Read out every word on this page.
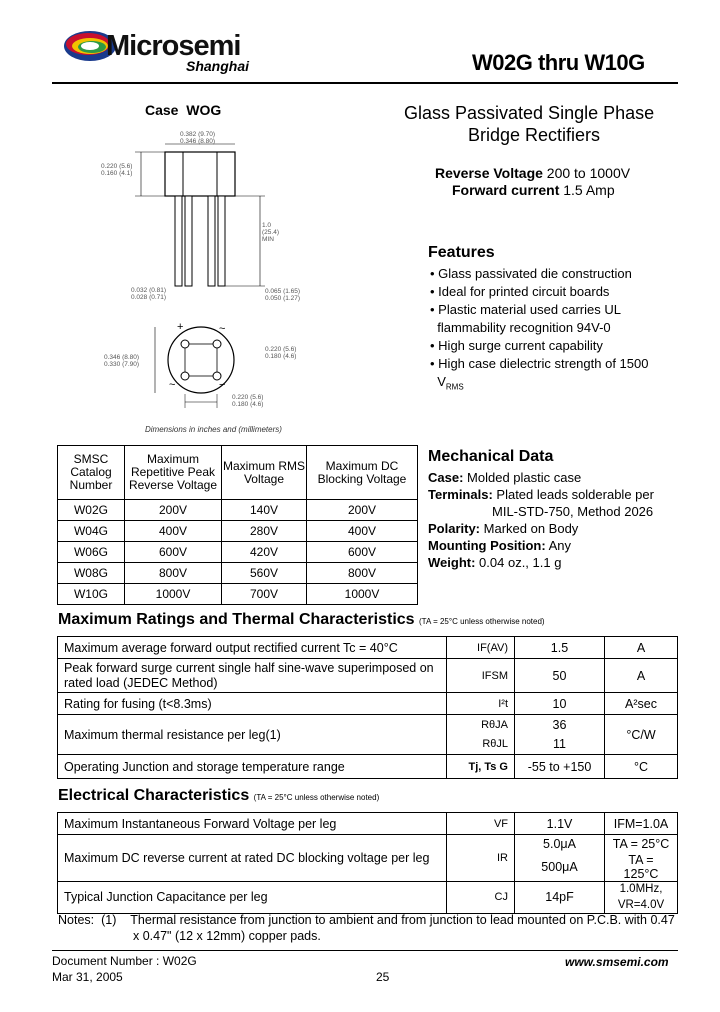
Microsemi
Shanghai	W02G thru W10G
Case  WOG
+	~
~	−
0.382 (9.70)
0.346 (8.80)
0.220 (5.6)
0.160 (4.1)
1.0
(25.4)
MIN
0.032 (0.81)
0.028 (0.71)
0.065 (1.65)
0.050 (1.27)
0.220 (5.6)
0.180 (4.6)
0.346 (8.80)
0.330 (7.90)
0.220 (5.6)
0.180 (4.6)
Dimensions in inches and (millimeters)
Glass Passivated Single Phase
Bridge Rectifiers
Reverse Voltage 200 to 1000V
Forward current 1.5 Amp
Features
• Glass passivated die construction
• Ideal for printed circuit boards
• Plastic material used carries UL
flammability recognition 94V-0
• High surge current capability
• High case dielectric strength of 1500
$V_{RMS}$
SMSC Catalog Number	Maximum Repetitive Peak Reverse Voltage	Maximum RMS Voltage	Maximum DC Blocking Voltage
W02G	200V	140V	200V
W04G	400V	280V	400V
W06G	600V	420V	600V
W08G	800V	560V	800V
W10G	1000V	700V	1000V
Mechanical Data
Case: Molded plastic case
Terminals: Plated leads solderable per
MIL-STD-750, Method 2026
Polarity: Marked on Body
Mounting Position: Any
Weight: 0.04 oz., 1.1 g
Maximum Ratings and Thermal Characteristics (TA = 25°C unless otherwise noted)
Maximum average forward output rectified current Tc = 40°C	IF(AV)	1.5	A
Peak forward surge current single half sine-wave superimposed on rated load (JEDEC Method)	IFSM	50	A
Rating for fusing (t<8.3ms)	I²t	10	A²sec
Maximum thermal resistance per leg(1)	RθJA	36	°C/W
	RθJL	11	
Operating Junction and storage temperature range	Tj, Ts G	-55 to +150	°C
Electrical Characteristics (TA = 25°C unless otherwise noted)
Maximum Instantaneous Forward Voltage per leg	VF	1.1V	IFM=1.0A
Maximum DC reverse current at rated DC blocking voltage per leg	IR	5.0μA	TA = 25°C
		500μA	TA = 125°C
Typical Junction Capacitance per leg	CJ	14pF	1.0MHz,
			VR=4.0V
Notes: (1) Thermal resistance from junction to ambient and from junction to lead mounted on P.C.B. with 0.47
x 0.47" (12 x 12mm) copper pads.
Document Number : W02G
Mar 31, 2005	25
www.smsemi.com
